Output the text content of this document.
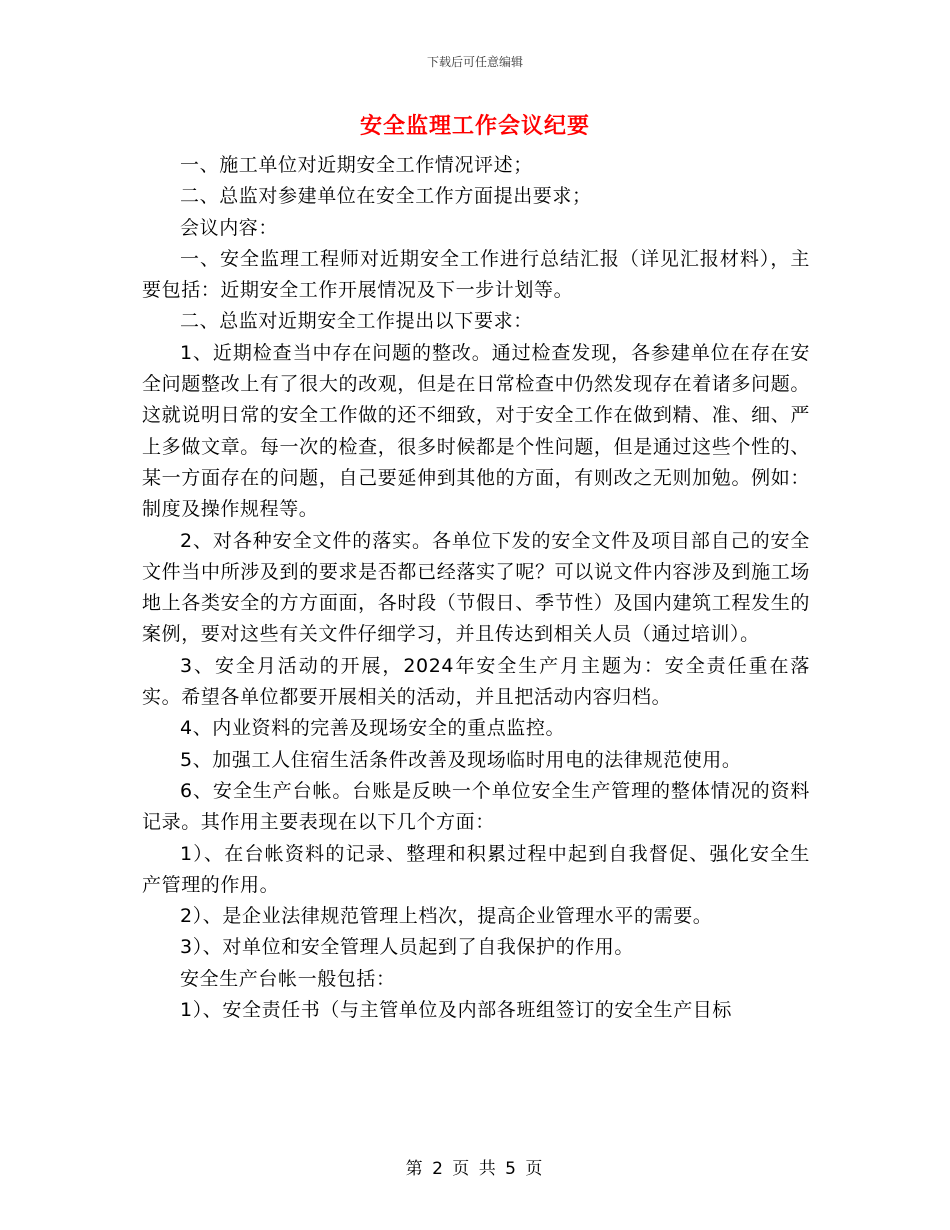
下载后可任意编辑
安全监理工作会议纪要

一、施工单位对近期安全工作情况评述；

二、总监对参建单位在安全工作方面提出要求；

会议内容：

一、安全监理工程师对近期安全工作进行总结汇报（详见汇报材料），主要包括：近期安全工作开展情况及下一步计划等。

二、总监对近期安全工作提出以下要求：

1、近期检查当中存在问题的整改。通过检查发现，各参建单位在存在安全问题整改上有了很大的改观，但是在日常检查中仍然发现存在着诸多问题。这就说明日常的安全工作做的还不细致，对于安全工作在做到精、准、细、严上多做文章。每一次的检查，很多时候都是个性问题，但是通过这些个性的、某一方面存在的问题，自己要延伸到其他的方面，有则改之无则加勉。例如：制度及操作规程等。

2、对各种安全文件的落实。各单位下发的安全文件及项目部自己的安全文件当中所涉及到的要求是否都已经落实了呢？可以说文件内容涉及到施工场地上各类安全的方方面面，各时段（节假日、季节性）及国内建筑工程发生的案例，要对这些有关文件仔细学习，并且传达到相关人员（通过培训）。

3、安全月活动的开展，2024年安全生产月主题为：安全责任重在落实。希望各单位都要开展相关的活动，并且把活动内容归档。

4、内业资料的完善及现场安全的重点监控。

5、加强工人住宿生活条件改善及现场临时用电的法律规范使用。

6、安全生产台帐。台账是反映一个单位安全生产管理的整体情况的资料记录。其作用主要表现在以下几个方面：

1）、在台帐资料的记录、整理和积累过程中起到自我督促、强化安全生产管理的作用。

2）、是企业法律规范管理上档次，提高企业管理水平的需要。

3）、对单位和安全管理人员起到了自我保护的作用。

安全生产台帐一般包括：

1）、安全责任书（与主管单位及内部各班组签订的安全生产目标

第 2 页 共 5 页
